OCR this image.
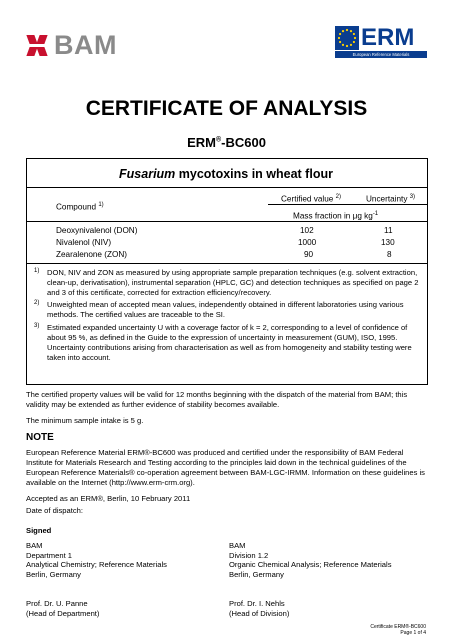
BAM	ERM
European Reference Materials
CERTIFICATE OF ANALYSIS
ERM®-BC600
Fusarium mycotoxins in wheat flour
Compound $^{1)}$
Certified value $^{2)}$	Uncertainty $^{3)}$
Mass fraction in μg $kg^{-1}$
Deoxynivalenol (DON)	102	11
Nivalenol (NIV)	1000	130
Zearalenone (ZON)	90	8
1) DON, NIV and ZON as measured by using appropriate sample preparation techniques (e.g. solvent extraction, clean-up, derivatisation), instrumental separation (HPLC, GC) and detection techniques as specified on page 2 and 3 of this certificate, corrected for extraction efficiency/recovery.
2) Unweighted mean of accepted mean values, independently obtained in different laboratories using various methods. The certified values are traceable to the SI.
3) Estimated expanded uncertainty U with a coverage factor of k = 2, corresponding to a level of confidence of about 95 %, as defined in the Guide to the expression of uncertainty in measurement (GUM), ISO, 1995. Uncertainty contributions arising from characterisation as well as from homogeneity and stability testing were taken into account.
The certified property values will be valid for 12 months beginning with the dispatch of the material from BAM; this validity may be extended as further evidence of stability becomes available.
The minimum sample intake is 5 g.
NOTE
European Reference Material ERM®-BC600 was produced and certified under the responsibility of BAM Federal Institute for Materials Research and Testing according to the principles laid down in the technical guidelines of the European Reference Materials® co-operation agreement between BAM-LGC-IRMM. Information on these guidelines is available on the Internet (http://www.erm-crm.org).
Accepted as an ERM®, Berlin, 10 February 2011
Date of dispatch:
Signed
BAM
Department 1
Analytical Chemistry; Reference Materials
Berlin, Germany
BAM
Division 1.2
Organic Chemical Analysis; Reference Materials
Berlin, Germany
Prof. Dr. U. Panne
(Head of Department)
Prof. Dr. I. Nehls
(Head of Division)
Certificate ERM®-BC600
Page 1 of 4
